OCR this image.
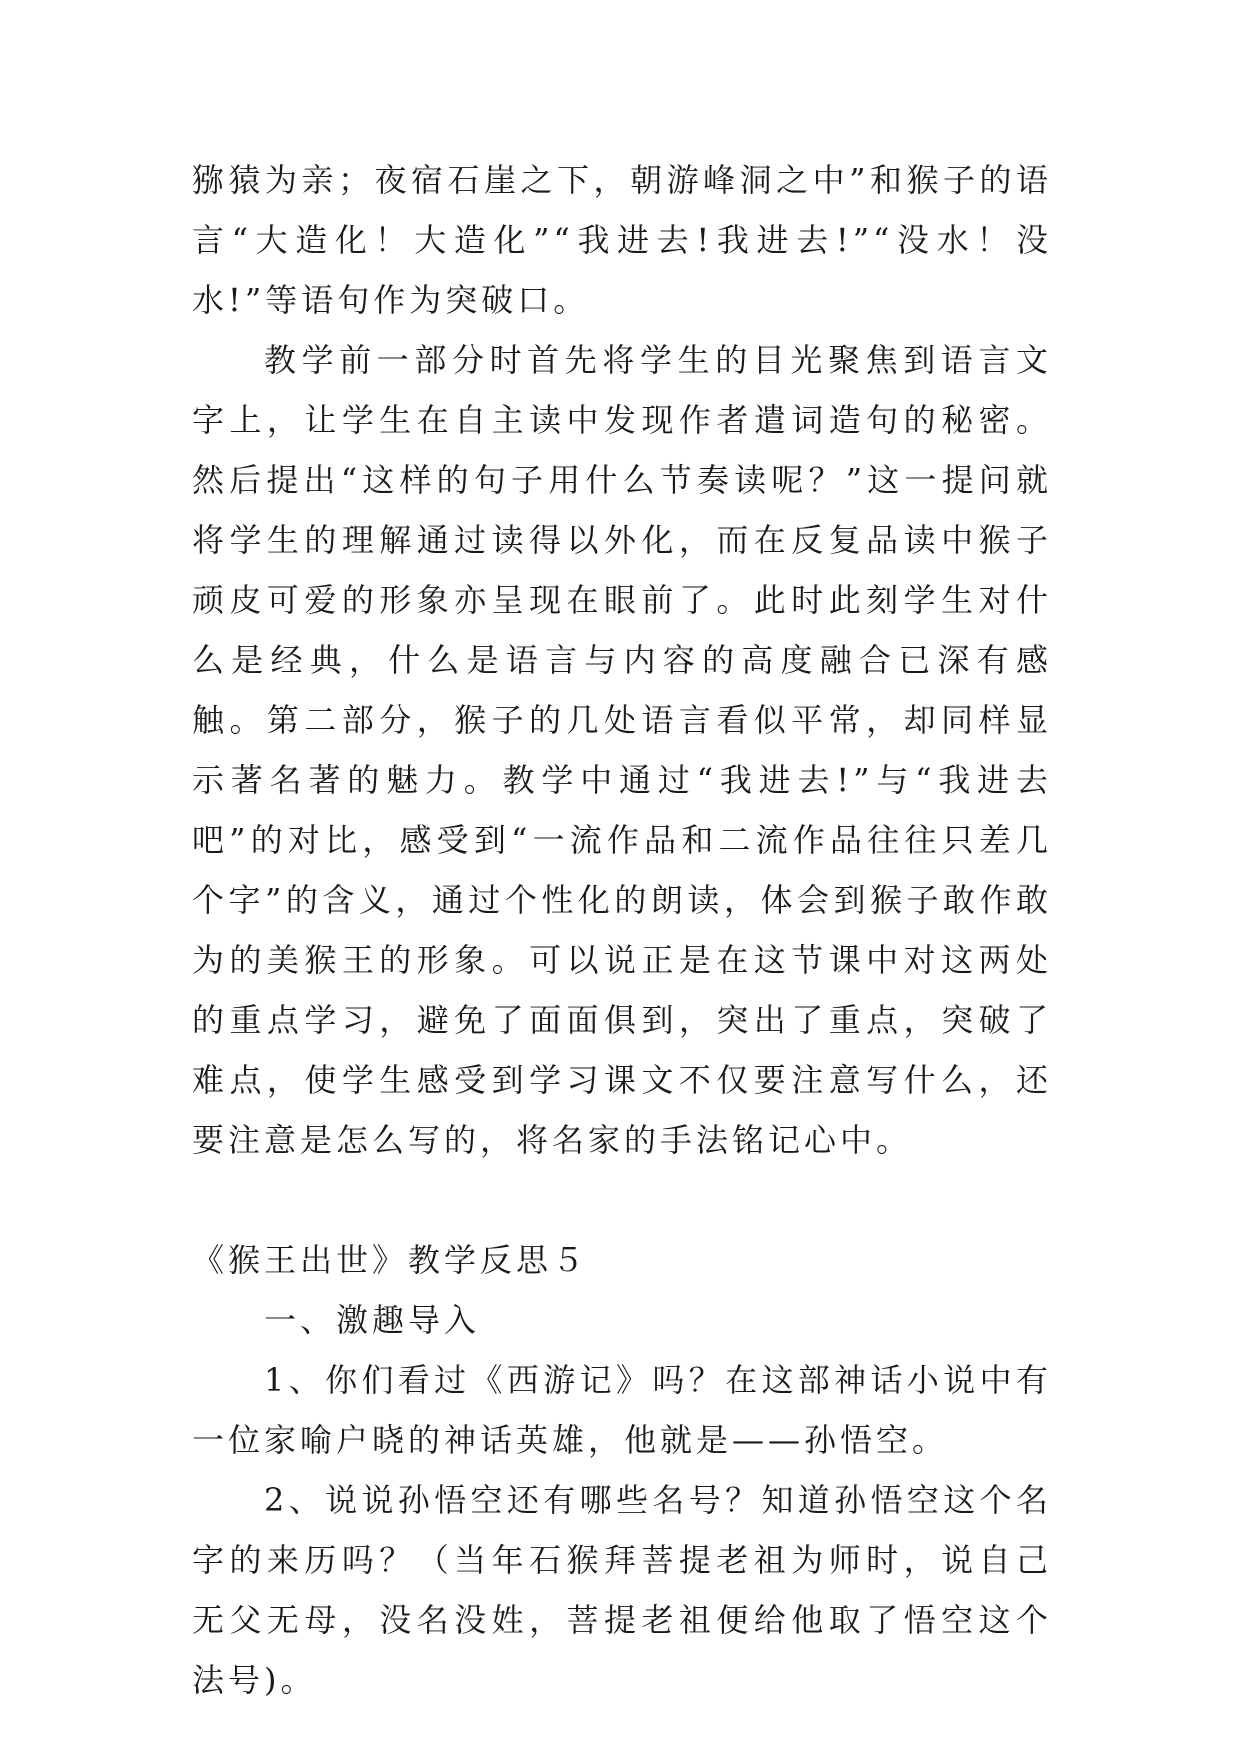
猕猿为亲；夜宿石崖之下，朝游峰洞之中”和猴子的语言“大造化！大造化”“我进去!我进去!”“没水！没水!”等语句作为突破口。

教学前一部分时首先将学生的目光聚焦到语言文字上，让学生在自主读中发现作者遣词造句的秘密。然后提出“这样的句子用什么节奏读呢？”这一提问就将学生的理解通过读得以外化，而在反复品读中猴子顽皮可爱的形象亦呈现在眼前了。此时此刻学生对什么是经典，什么是语言与内容的高度融合已深有感触。第二部分，猴子的几处语言看似平常，却同样显示著名著的魅力。教学中通过“我进去!”与“我进去吧”的对比，感受到“一流作品和二流作品往往只差几个字”的含义，通过个性化的朗读，体会到猴子敢作敢为的美猴王的形象。可以说正是在这节课中对这两处的重点学习，避免了面面俱到，突出了重点，突破了难点，使学生感受到学习课文不仅要注意写什么，还要注意是怎么写的，将名家的手法铭记心中。

《猴王出世》教学反思５

一、激趣导入

1、你们看过《西游记》吗？在这部神话小说中有一位家喻户晓的神话英雄，他就是——孙悟空。

2、说说孙悟空还有哪些名号？知道孙悟空这个名字的来历吗？（当年石猴拜菩提老祖为师时，说自己无父无母，没名没姓，菩提老祖便给他取了悟空这个法号)。
